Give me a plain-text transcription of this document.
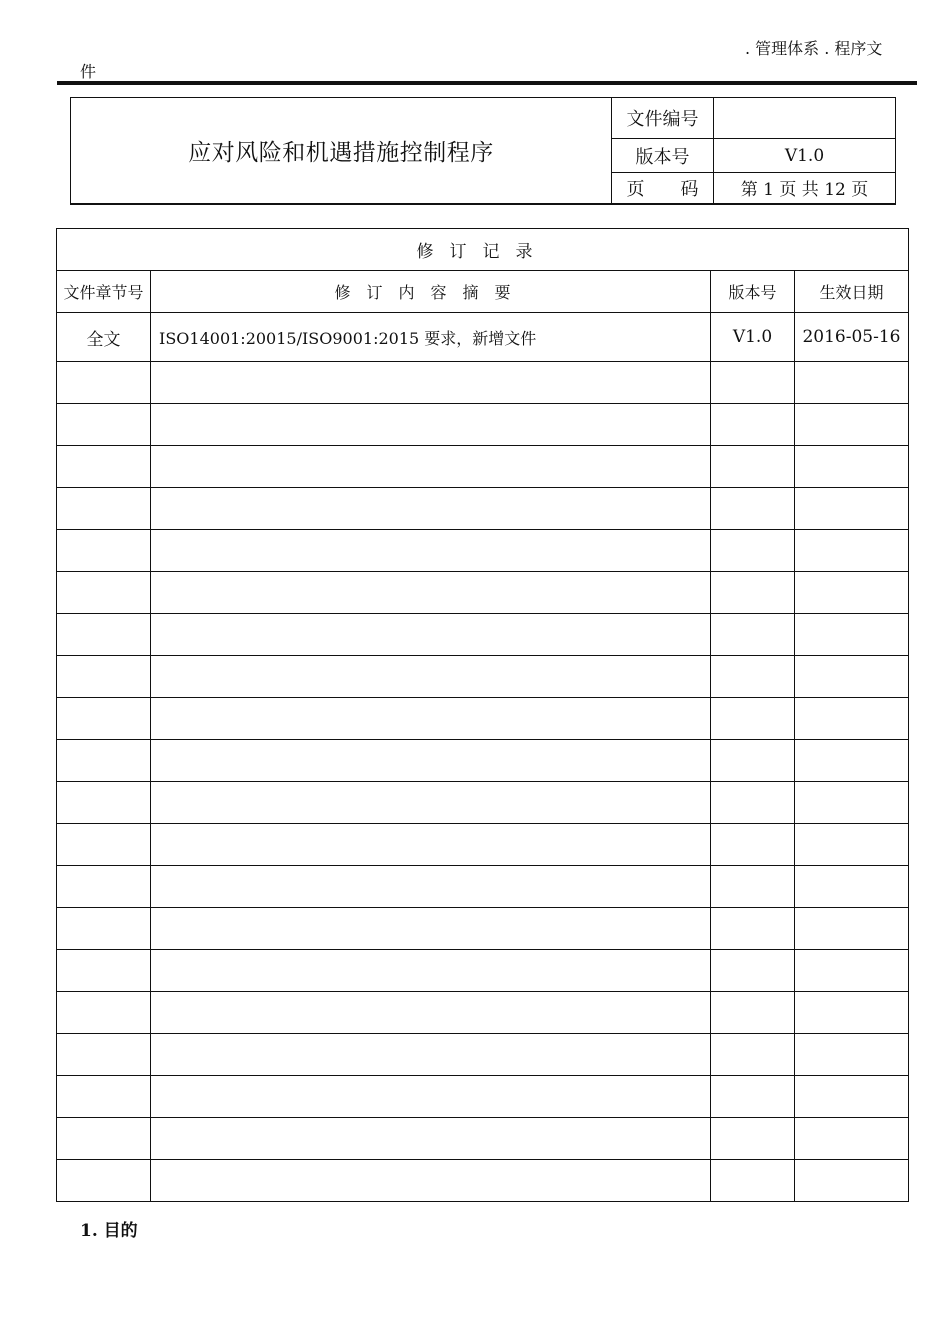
. 管理体系 . 程序文
件
应对风险和机遇措施控制程序	文件编号	
	版本号	V1.0
	页　　码	第 1 页 共 12 页
修订记录			
文件章节号	修订内容摘要	版本号	生效日期
全文	ISO14001:20015/ISO9001:2015 要求，新增文件	V1.0	2016-05-16

1. 目的
